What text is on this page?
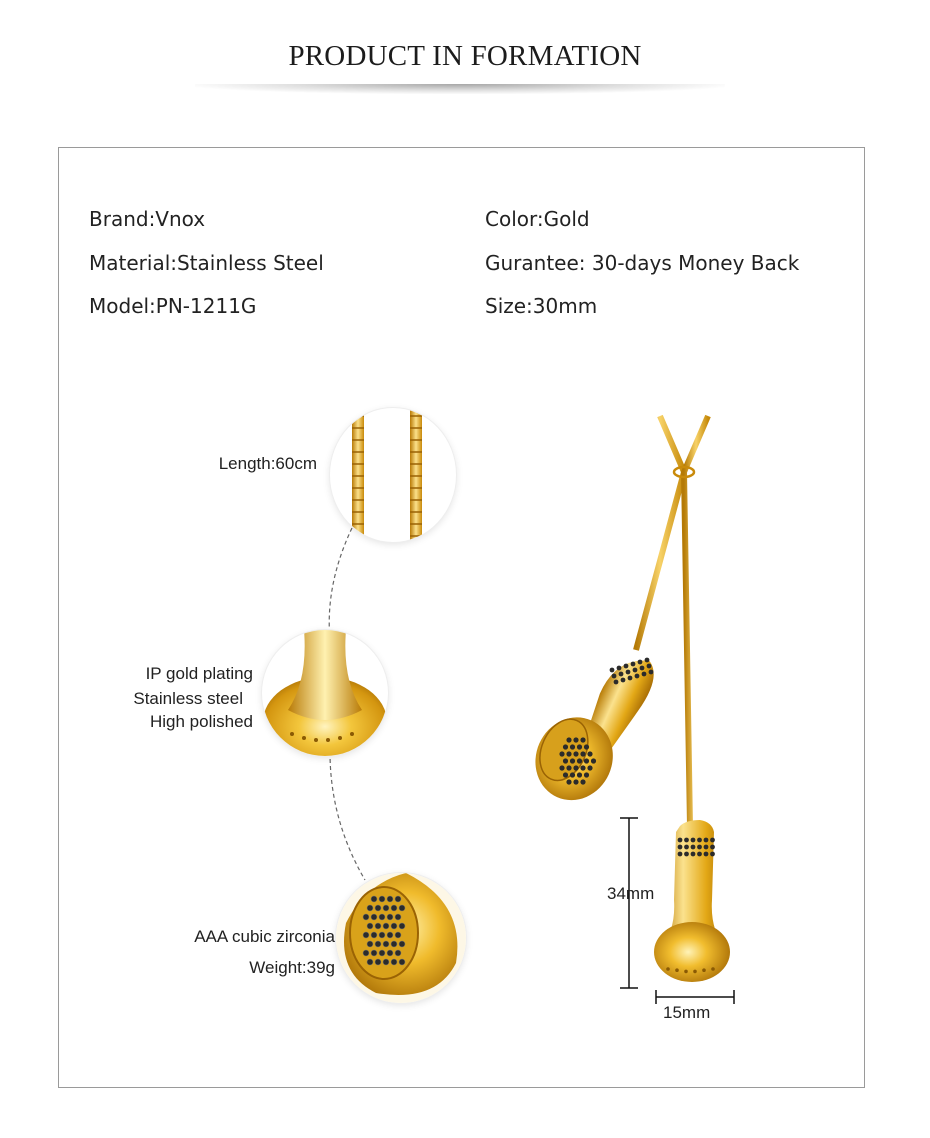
PRODUCT IN FORMATION
Brand:Vnox
Material:Stainless Steel
Model:PN-1211G
Color:Gold
Gurantee: 30-days Money Back
Size:30mm
Length:60cm
IP gold plating
Stainless steel
High polished
AAA cubic zirconia
Weight:39g
34mm
15mm
